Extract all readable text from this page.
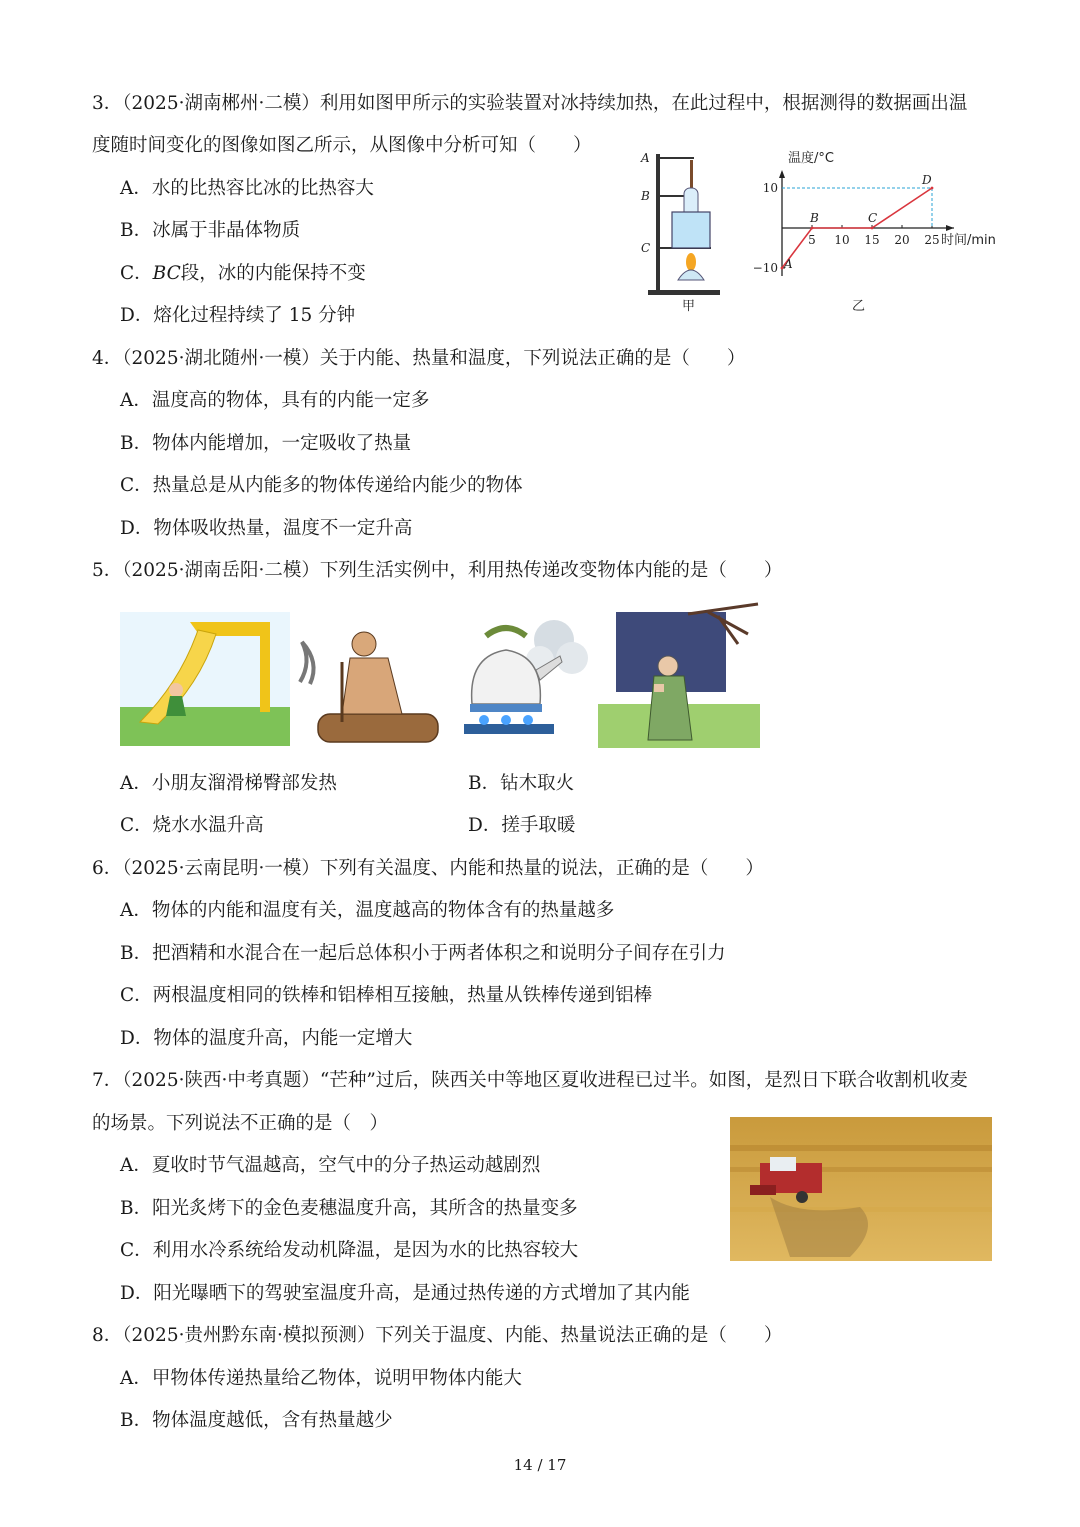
3．（2025·湖南郴州·二模）利用如图甲所示的实验装置对冰持续加热，在此过程中，根据测得的数据画出温
度随时间变化的图像如图乙所示，从图像中分析可知（　　）
A．水的比热容比冰的比热容大
B．冰属于非晶体物质
C．BC段，冰的内能保持不变
D．熔化过程持续了 15 分钟
A
B
C
甲
温度/°C
时间/min
10
−10
5 10 15 20 25
A
B	C
D
乙
4．（2025·湖北随州·一模）关于内能、热量和温度，下列说法正确的是（　　）
A．温度高的物体，具有的内能一定多
B．物体内能增加，一定吸收了热量
C．热量总是从内能多的物体传递给内能少的物体
D．物体吸收热量，温度不一定升高
5．（2025·湖南岳阳·二模）下列生活实例中，利用热传递改变物体内能的是（　　）
A．小朋友溜滑梯臀部发热	B．钻木取火
C．烧水水温升高	D．搓手取暖
6．（2025·云南昆明·一模）下列有关温度、内能和热量的说法，正确的是（　　）
A．物体的内能和温度有关，温度越高的物体含有的热量越多
B．把酒精和水混合在一起后总体积小于两者体积之和说明分子间存在引力
C．两根温度相同的铁棒和铝棒相互接触，热量从铁棒传递到铝棒
D．物体的温度升高，内能一定增大
7．（2025·陕西·中考真题）“芒种”过后，陕西关中等地区夏收进程已过半。如图，是烈日下联合收割机收麦
的场景。下列说法不正确的是（　）
A．夏收时节气温越高，空气中的分子热运动越剧烈
B．阳光炙烤下的金色麦穗温度升高，其所含的热量变多
C．利用水冷系统给发动机降温，是因为水的比热容较大
D．阳光曝晒下的驾驶室温度升高，是通过热传递的方式增加了其内能
8．（2025·贵州黔东南·模拟预测）下列关于温度、内能、热量说法正确的是（　　）
A．甲物体传递热量给乙物体，说明甲物体内能大
B．物体温度越低，含有热量越少
14 / 17
